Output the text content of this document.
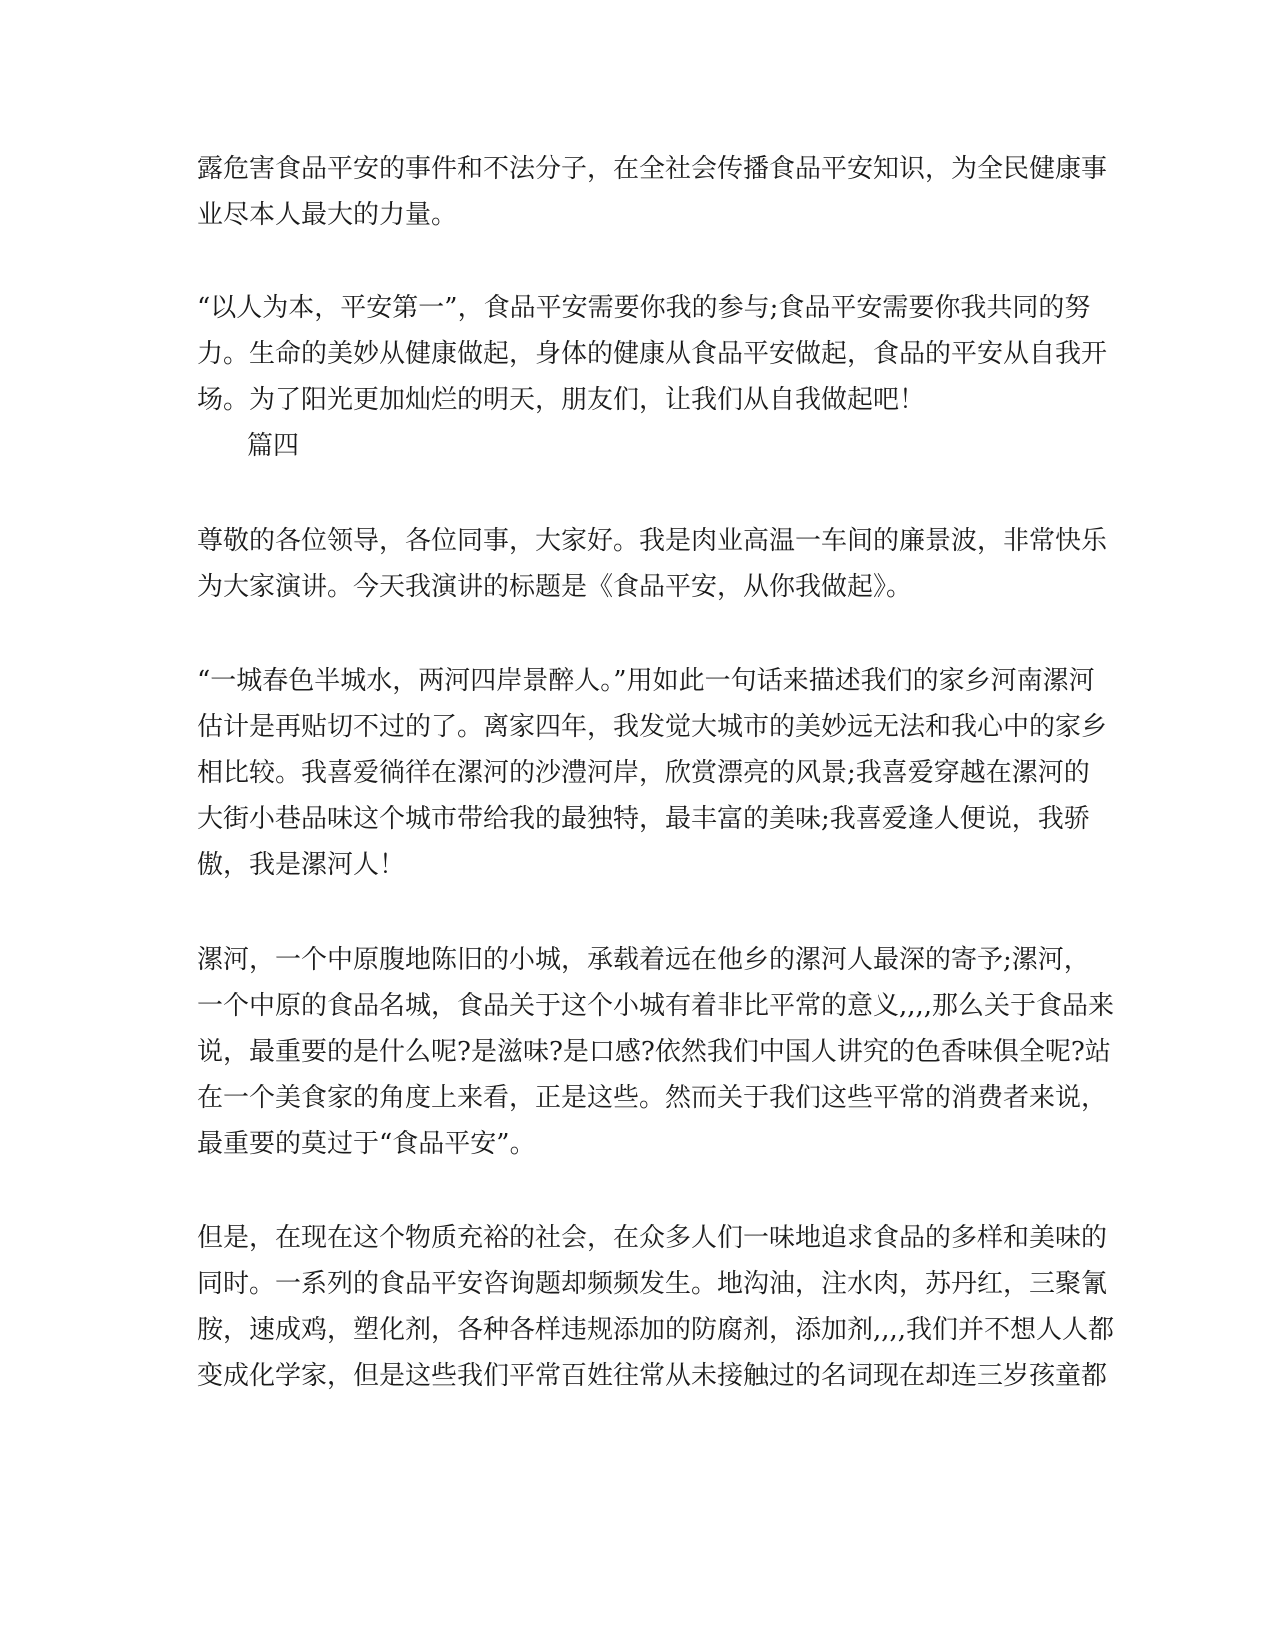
露危害食品平安的事件和不法分子，在全社会传播食品平安知识，为全民健康事
业尽本人最大的力量。
“以人为本，平安第一”，食品平安需要你我的参与;食品平安需要你我共同的努
力。生命的美妙从健康做起，身体的健康从食品平安做起，食品的平安从自我开
场。为了阳光更加灿烂的明天，朋友们，让我们从自我做起吧！
篇四
尊敬的各位领导，各位同事，大家好。我是肉业高温一车间的廉景波，非常快乐
为大家演讲。今天我演讲的标题是《食品平安，从你我做起》。
“一城春色半城水，两河四岸景醉人。”用如此一句话来描述我们的家乡河南漯河
估计是再贴切不过的了。离家四年，我发觉大城市的美妙远无法和我心中的家乡
相比较。我喜爱徜徉在漯河的沙澧河岸，欣赏漂亮的风景;我喜爱穿越在漯河的
大街小巷品味这个城市带给我的最独特，最丰富的美味;我喜爱逢人便说，我骄
傲，我是漯河人！
漯河，一个中原腹地陈旧的小城，承载着远在他乡的漯河人最深的寄予;漯河，
一个中原的食品名城，食品关于这个小城有着非比平常的意义,,,,那么关于食品来
说，最重要的是什么呢?是滋味?是口感?依然我们中国人讲究的色香味俱全呢?站
在一个美食家的角度上来看，正是这些。然而关于我们这些平常的消费者来说，
最重要的莫过于“食品平安”。
但是，在现在这个物质充裕的社会，在众多人们一味地追求食品的多样和美味的
同时。一系列的食品平安咨询题却频频发生。地沟油，注水肉，苏丹红，三聚氰
胺，速成鸡，塑化剂，各种各样违规添加的防腐剂，添加剂,,,,我们并不想人人都
变成化学家，但是这些我们平常百姓往常从未接触过的名词现在却连三岁孩童都
